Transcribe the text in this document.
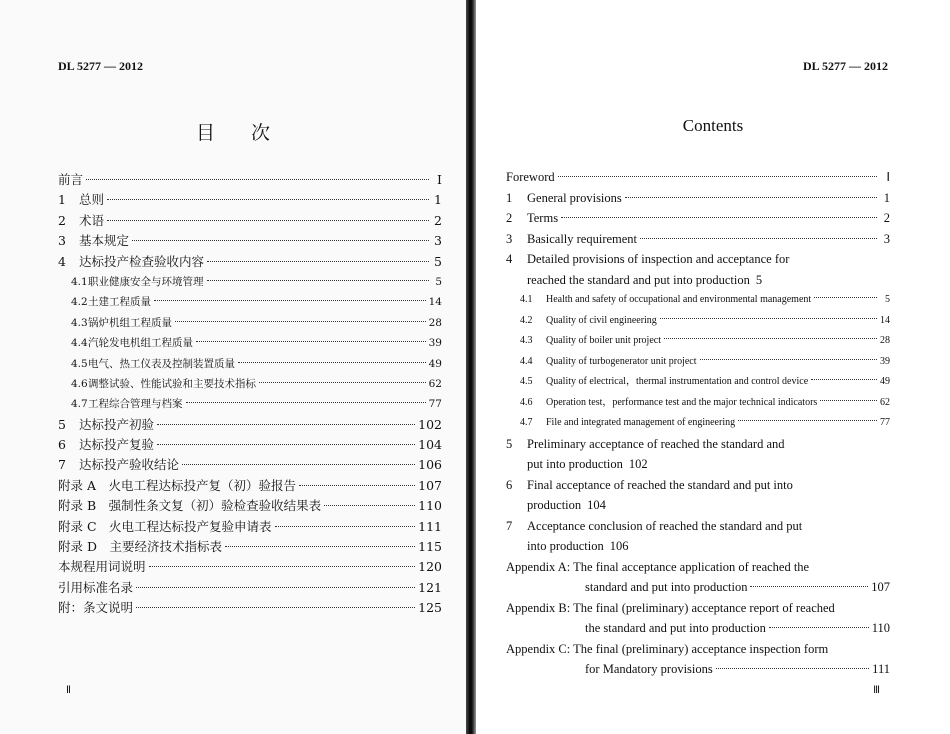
DL 5277 — 2012
目次
前言	Ⅰ
1	总则	1
2	术语	2
3	基本规定	3
4	达标投产检查验收内容	5
4.1 职业健康安全与环境管理	5
4.2 土建工程质量	14
4.3 锅炉机组工程质量	28
4.4 汽轮发电机组工程质量	39
4.5 电气、热工仪表及控制装置质量	49
4.6 调整试验、性能试验和主要技术指标	62
4.7 工程综合管理与档案	77
5	达标投产初验	102
6	达标投产复验	104
7	达标投产验收结论	106
附录 A　火电工程达标投产复（初）验报告	107
附录 B　强制性条文复（初）验检查验收结果表	110
附录 C　火电工程达标投产复验申请表	111
附录 D　主要经济技术指标表	115
本规程用词说明	120
引用标准名录	121
附：条文说明	125
Ⅱ
DL 5277 — 2012
Contents
Foreword	Ⅰ
1	General provisions	1
2	Terms	2
3	Basically requirement	3
4	Detailed provisions of inspection and acceptance for
reached the standard and put into production 5
4.1	Health and safety of occupational and environmental management	5
4.2	Quality of civil engineering	14
4.3	Quality of boiler unit project	28
4.4	Quality of turbogenerator unit project	39
4.5	Quality of electrical，thermal instrumentation and control device	49
4.6	Operation test，performance test and the major technical indicators	62
4.7	File and integrated management of engineering	77
5	Preliminary acceptance of reached the standard and
put into production 102
6	Final acceptance of reached the standard and put into
production 104
7	Acceptance conclusion of reached the standard and put
into production 106
Appendix A: The final acceptance application of reached the
standard and put into production	107
Appendix B: The final (preliminary) acceptance report of reached
the standard and put into production	110
Appendix C: The final (preliminary) acceptance inspection form
for Mandatory provisions	111
Ⅲ
